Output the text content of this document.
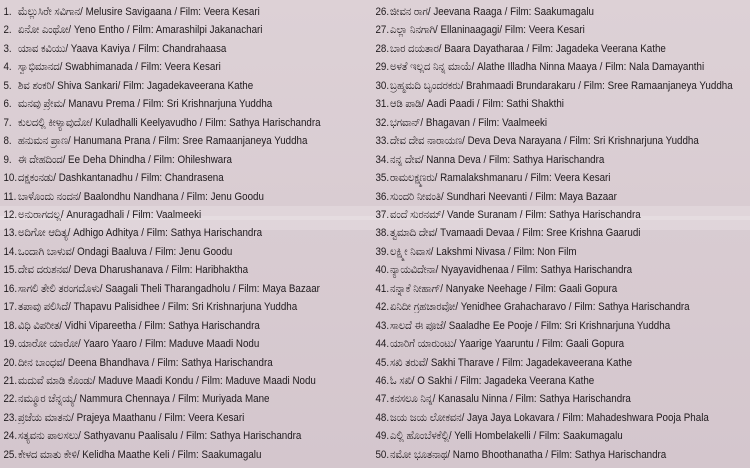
1. ಮೆಲ್ಲುಸಿರೇ ಸವಿಗಾನ/ Melusire Savigaana / Film: Veera Kesari
2. ಏನೋ ಎಂಥೋ/ Yeno Entho / Film: Amarashilpi Jakanachari
3. ಯಾವ ಕವಿಯು/ Yaava Kaviya / Film: Chandrahaasa
4. ಸ್ವಾಭಿಮಾನದ/ Swabhimanada / Film: Veera Kesari
5. ಶಿವ ಶಂಕರಿ/ Shiva Sankari/ Film: Jagadekaveerana Kathe
6. ಮನವು ಪ್ರೇಮ/ Manavu Prema / Film: Sri Krishnarjuna Yuddha
7. ಕುಲದಲ್ಲಿ ಕೀಳ್ಯಾವುದೋ/ Kuladhalli Keelyavudho / Film: Sathya Harischandra
8. ಹನುಮನ ಪ್ರಾಣ/ Hanumana Prana / Film: Sree Ramaanjaneya Yuddha
9. ಈ ದೇಹದಿಂದ/ Ee Deha Dhindha / Film: Ohileshwara
10.ದಕ್ಷಕಂನಡು/ Dashkantanadhu / Film: Chandrasena
11. ಬಾಳೊಂದು ನಂದನ/ Baalondhu Nandhana / Film: Jenu Goodu
12.ಅನುರಾಗದಲ್ಲ/ Anuragadhali / Film: Vaalmeeki
13.ಅದಿಗೋ ಆದಿತ್ಯ/ Adhigo Adhitya / Film: Sathya Harischandra
14.ಒಂದಾಗಿ ಬಾಳುವ/ Ondagi Baaluva / Film: Jenu Goodu
15.ದೇವ ದರುಶನವ/ Deva Dharushanava / Film: Haribhaktha
16.ಸಾಗಲಿ ತೇಲಿ ತರಂಗದೊಳು/ Saagali Theli Tharangadholu / Film: Maya Bazaar
17.ತಪಾವು ಪಲಿಸಿದೆ/ Thapavu Palisidhee / Film: Sri Krishnarjuna Yuddha
18.ವಿಧಿ ವಿಪರೀತ/ Vidhi Vipareetha / Film: Sathya Harischandra
19.ಯಾರೋ ಯಾರೋ/ Yaaro Yaaro / Film: Maduve Maadi Nodu
20.ದೀನ ಬಾಂಧವ/ Deena Bhandhava / Film: Sathya Harischandra
21.ಮದುವೆ ಮಾಡಿ ಕೊಂಡು/ Maduve Maadi Kondu / Film: Maduve Maadi Nodu
22.ನಮ್ಮೂರ ಚೆನ್ನಯ್ಯ/ Nammura Chennaya / Film: Muriyada Mane
23.ಪ್ರಜೆಯ ಮಾತನು/ Prajeya Maathanu / Film: Veera Kesari
24.ಸತ್ಯವನು ಪಾಲಸಲು/ Sathyavanu Paalisalu / Film: Sathya Harischandra
25.ಕೇಳದ ಮಾತು ಕೇಳಿ/ Kelidha Maathe Keli / Film: Saakumagalu
26.ಜೀವನ ರಾಗ/ Jeevana Raaga / Film: Saakumagalu
27.ಎಲ್ಲಾ ನಿನಗಾಗಿ/ Ellaninaagagi/ Film: Veera Kesari
28.ಬಾರ ದಯತಾರ/ Baara Dayatharaa / Film: Jagadeka Veerana Kathe
29.ಅಳತೆ ಇಲ್ಲದ ನಿನ್ನ ಮಾಯೆ/ Alathe Illadha Ninna Maaya / Film: Nala Damayanthi
30.ಬ್ರಹ್ಮಮದಿ ಬೃಂದರಕರು/ Brahmaadi Brundarakaru / Film: Sree Ramaanjaneya Yuddha
31.ಆಡಿ ಪಾಡಿ/ Aadi Paadi / Film: Sathi Shakthi
32.ಭಗವಾನ್/ Bhagavan / Film: Vaalmeeki
33.ದೇವ ದೇವ ನಾರಾಯಣ/ Deva Deva Narayana / Film: Sri Krishnarjuna Yuddha
34.ನನ್ನ ದೇವ/ Nanna Deva / Film: Sathya Harischandra
35.ರಾಮಲಕ್ಷ್ಮಣರು/ Ramalakshmanaru / Film: Veera Kesari
36.ಸುಂದರಿ ನೀವಂತಿ/ Sundhari Neevanti / Film: Maya Bazaar
37.ವಂದೆ ಸುರನಮ್/ Vande Suranam / Film: Sathya Harischandra
38.ತ್ವಮಾದಿ ದೇವ/ Tvamaadi Devaa / Film: Sree Krishna Gaarudi
39.ಲಕ್ಷ್ಮೀ ನಿವಾಸ/ Lakshmi Nivasa / Film: Non Film
40.ನ್ಯಾಯವಿದೇನಾ/ Nyayavidhenaa / Film: Sathya Harischandra
41.ನನ್ನಾಕೆ ನೀಹಾಗ್/ Nanyake Neehage / Film: Gaali Gopura
42.ಏನಿದೀ ಗ್ರಹಚಾರವೋ/ Yenidhee Grahacharavo / Film: Sathya Harischandra
43.ಸಾಲದೆ ಈ ಪೂಜೆ/ Saaladhe Ee Pooje / Film: Sri Krishnarjuna Yuddha
44.ಯಾರಿಗೆ ಯಾರುಂಟು/ Yaarige Yaaruntu / Film: Gaali Gopura
45.ಸಖಿ ತರುವೆ/ Sakhi Tharave / Film: Jagadekaveerana Kathe
46.ಓ ಸಖಿ/ O Sakhi / Film: Jagadeka Veerana Kathe
47.ಕನಸಲೂ ನಿನ್ನ/ Kanasalu Ninna / Film: Sathya Harischandra
48.ಜಯ ಜಯ ಲೋಕವನ/ Jaya Jaya Lokavara / Film: Mahadeshwara Pooja Phala
49.ಎಲ್ಲಿ ಹೊಂಬೆಳಕೆಲ್ಲಿ/ Yelli Hombelakelli / Film: Saakumagalu
50.ನಮೋ ಭೂತನಾಥ/ Namo Bhoothanatha / Film: Sathya Harischandra
